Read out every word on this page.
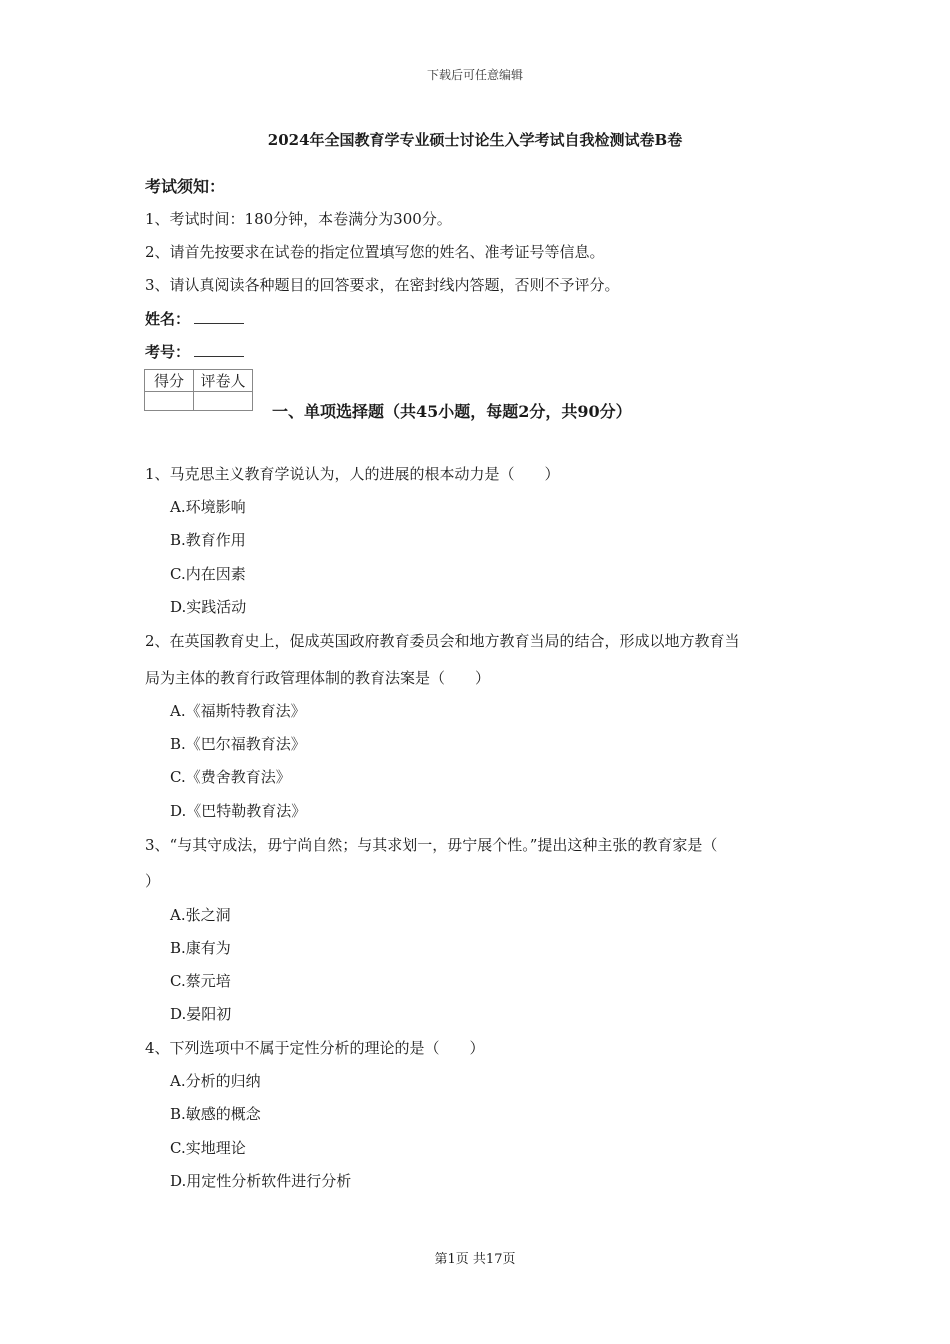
下载后可任意编辑
2024年全国教育学专业硕士讨论生入学考试自我检测试卷B卷
考试须知：
1、考试时间：180分钟，本卷满分为300分。
2、请首先按要求在试卷的指定位置填写您的姓名、准考证号等信息。
3、请认真阅读各种题目的回答要求，在密封线内答题，否则不予评分。
姓名：
考号：
得分	评卷人

一、单项选择题（共45小题，每题2分，共90分）
1、马克思主义教育学说认为，人的进展的根本动力是（　　）
A.环境影响
B.教育作用
C.内在因素
D.实践活动
2、在英国教育史上，促成英国政府教育委员会和地方教育当局的结合，形成以地方教育当
局为主体的教育行政管理体制的教育法案是（　　）
A.《福斯特教育法》
B.《巴尔福教育法》
C.《费舍教育法》
D.《巴特勒教育法》
3、“与其守成法，毋宁尚自然；与其求划一，毋宁展个性。”提出这种主张的教育家是（
）
A.张之洞
B.康有为
C.蔡元培
D.晏阳初
4、下列选项中不属于定性分析的理论的是（　　）
A.分析的归纳
B.敏感的概念
C.实地理论
D.用定性分析软件进行分析
第1页 共17页
